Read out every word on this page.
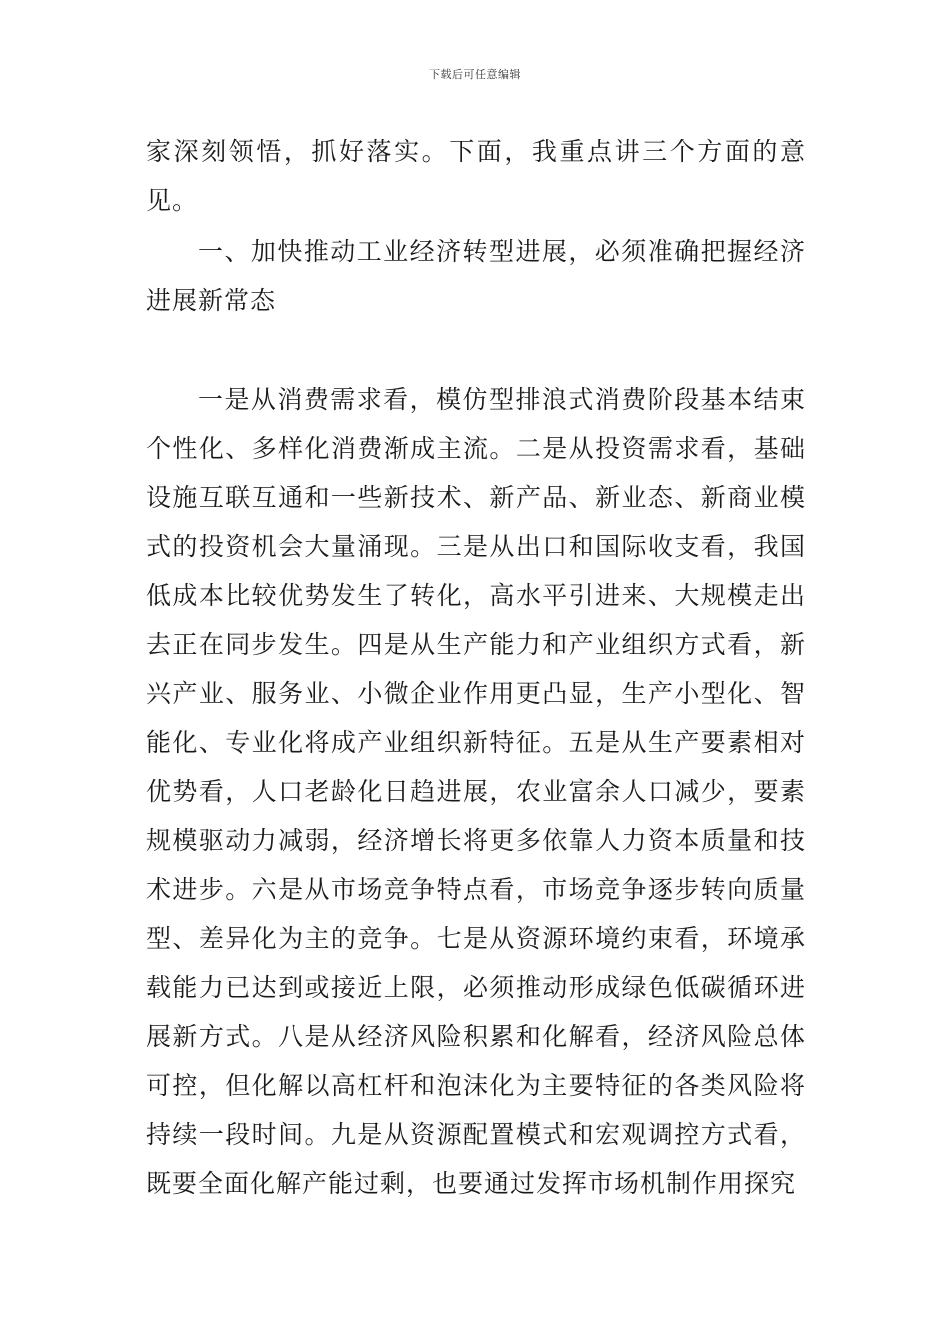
下载后可任意编辑

家深刻领悟，抓好落实。下面，我重点讲三个方面的意见。

一、加快推动工业经济转型进展，必须准确把握经济进展新常态

一是从消费需求看，模仿型排浪式消费阶段基本结束个性化、多样化消费渐成主流。二是从投资需求看，基础设施互联互通和一些新技术、新产品、新业态、新商业模式的投资机会大量涌现。三是从出口和国际收支看，我国低成本比较优势发生了转化，高水平引进来、大规模走出去正在同步发生。四是从生产能力和产业组织方式看，新兴产业、服务业、小微企业作用更凸显，生产小型化、智能化、专业化将成产业组织新特征。五是从生产要素相对优势看，人口老龄化日趋进展，农业富余人口减少，要素规模驱动力减弱，经济增长将更多依靠人力资本质量和技术进步。六是从市场竞争特点看，市场竞争逐步转向质量型、差异化为主的竞争。七是从资源环境约束看，环境承载能力已达到或接近上限，必须推动形成绿色低碳循环进展新方式。八是从经济风险积累和化解看，经济风险总体可控，但化解以高杠杆和泡沫化为主要特征的各类风险将持续一段时间。九是从资源配置模式和宏观调控方式看，既要全面化解产能过剩，也要通过发挥市场机制作用探究
